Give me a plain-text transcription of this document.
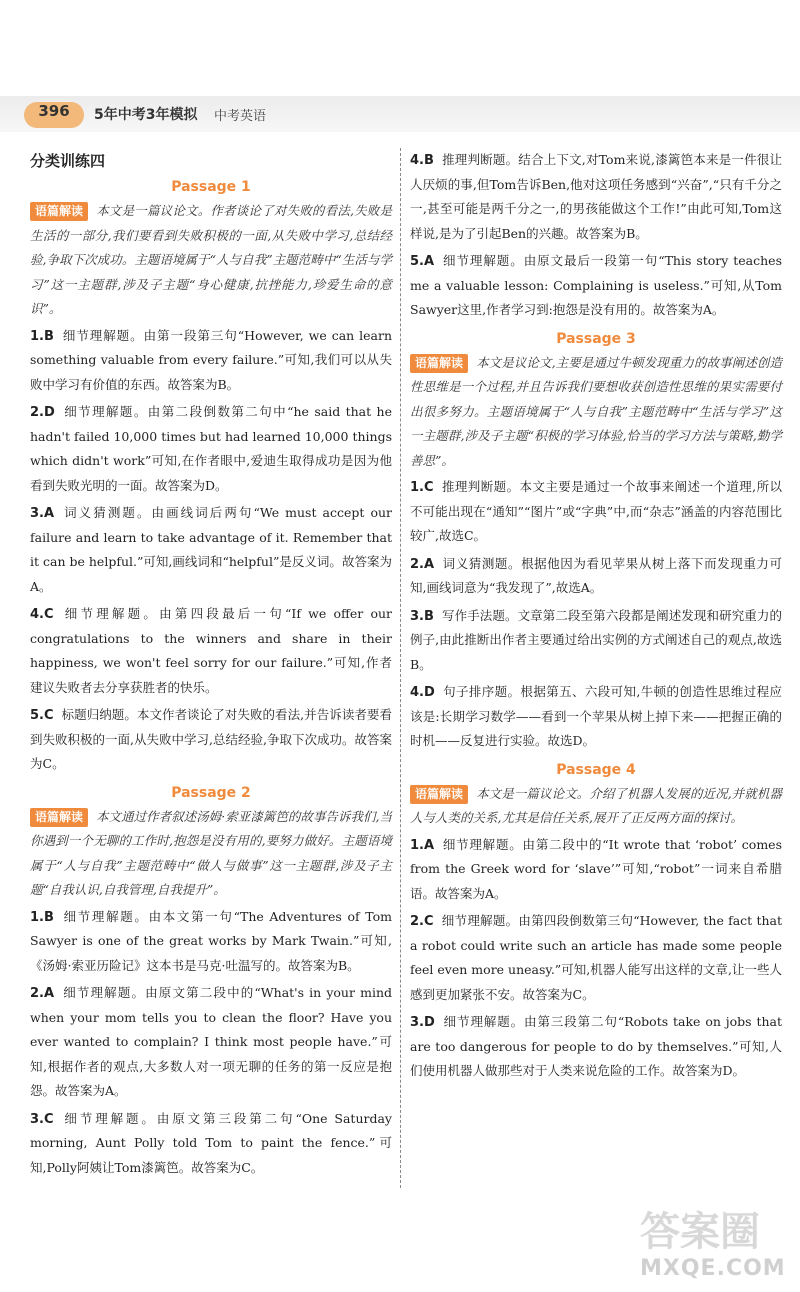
396	5年中考3年模拟 中考英语
分类训练四
Passage 1
语篇解读 本文是一篇议论文。作者谈论了对失败的看法,失败是生活的一部分,我们要看到失败积极的一面,从失败中学习,总结经验,争取下次成功。主题语境属于“人与自我”主题范畴中“生活与学习”这一主题群,涉及子主题“身心健康,抗挫能力,珍爱生命的意识”。
1.B 细节理解题。由第一段第三句“However, we can learn something valuable from every failure.”可知,我们可以从失败中学习有价值的东西。故答案为B。
2.D 细节理解题。由第二段倒数第二句中“he said that he hadn't failed 10,000 times but had learned 10,000 things which didn't work”可知,在作者眼中,爱迪生取得成功是因为他看到失败光明的一面。故答案为D。
3.A 词义猜测题。由画线词后两句“We must accept our failure and learn to take advantage of it. Remember that it can be helpful.”可知,画线词和“helpful”是反义词。故答案为A。
4.C 细节理解题。由第四段最后一句“If we offer our congratulations to the winners and share in their happiness, we won't feel sorry for our failure.”可知,作者建议失败者去分享获胜者的快乐。
5.C 标题归纳题。本文作者谈论了对失败的看法,并告诉读者要看到失败积极的一面,从失败中学习,总结经验,争取下次成功。故答案为C。
Passage 2
语篇解读 本文通过作者叙述汤姆·索亚漆篱笆的故事告诉我们,当你遇到一个无聊的工作时,抱怨是没有用的,要努力做好。主题语境属于“人与自我”主题范畴中“做人与做事”这一主题群,涉及子主题“自我认识,自我管理,自我提升”。
1.B 细节理解题。由本文第一句“The Adventures of Tom Sawyer is one of the great works by Mark Twain.”可知,《汤姆·索亚历险记》这本书是马克·吐温写的。故答案为B。
2.A 细节理解题。由原文第二段中的“What's in your mind when your mom tells you to clean the floor? Have you ever wanted to complain? I think most people have.”可知,根据作者的观点,大多数人对一项无聊的任务的第一反应是抱怨。故答案为A。
3.C 细节理解题。由原文第三段第二句“One Saturday morning, Aunt Polly told Tom to paint the fence.”可知,Polly阿姨让Tom漆篱笆。故答案为C。
4.B 推理判断题。结合上下文,对Tom来说,漆篱笆本来是一件很让人厌烦的事,但Tom告诉Ben,他对这项任务感到“兴奋”,“只有千分之一,甚至可能是两千分之一,的男孩能做这个工作!”由此可知,Tom这样说,是为了引起Ben的兴趣。故答案为B。
5.A 细节理解题。由原文最后一段第一句“This story teaches me a valuable lesson: Complaining is useless.”可知,从Tom Sawyer这里,作者学习到:抱怨是没有用的。故答案为A。
Passage 3
语篇解读 本文是议论文,主要是通过牛顿发现重力的故事阐述创造性思维是一个过程,并且告诉我们要想收获创造性思维的果实需要付出很多努力。主题语境属于“人与自我”主题范畴中“生活与学习”这一主题群,涉及子主题“积极的学习体验,恰当的学习方法与策略,勤学善思”。
1.C 推理判断题。本文主要是通过一个故事来阐述一个道理,所以不可能出现在“通知”“图片”或“字典”中,而“杂志”涵盖的内容范围比较广,故选C。
2.A 词义猜测题。根据他因为看见苹果从树上落下而发现重力可知,画线词意为“我发现了”,故选A。
3.B 写作手法题。文章第二段至第六段都是阐述发现和研究重力的例子,由此推断出作者主要通过给出实例的方式阐述自己的观点,故选B。
4.D 句子排序题。根据第五、六段可知,牛顿的创造性思维过程应该是:长期学习数学——看到一个苹果从树上掉下来——把握正确的时机——反复进行实验。故选D。
Passage 4
语篇解读 本文是一篇议论文。介绍了机器人发展的近况,并就机器人与人类的关系,尤其是信任关系,展开了正反两方面的探讨。
1.A 细节理解题。由第二段中的“It wrote that ‘robot’ comes from the Greek word for ‘slave’”可知,“robot”一词来自希腊语。故答案为A。
2.C 细节理解题。由第四段倒数第三句“However, the fact that a robot could write such an article has made some people feel even more uneasy.”可知,机器人能写出这样的文章,让一些人感到更加紧张不安。故答案为C。
3.D 细节理解题。由第三段第二句“Robots take on jobs that are too dangerous for people to do by themselves.”可知,人们使用机器人做那些对于人类来说危险的工作。故答案为D。
答案圈
MXQE.COM
